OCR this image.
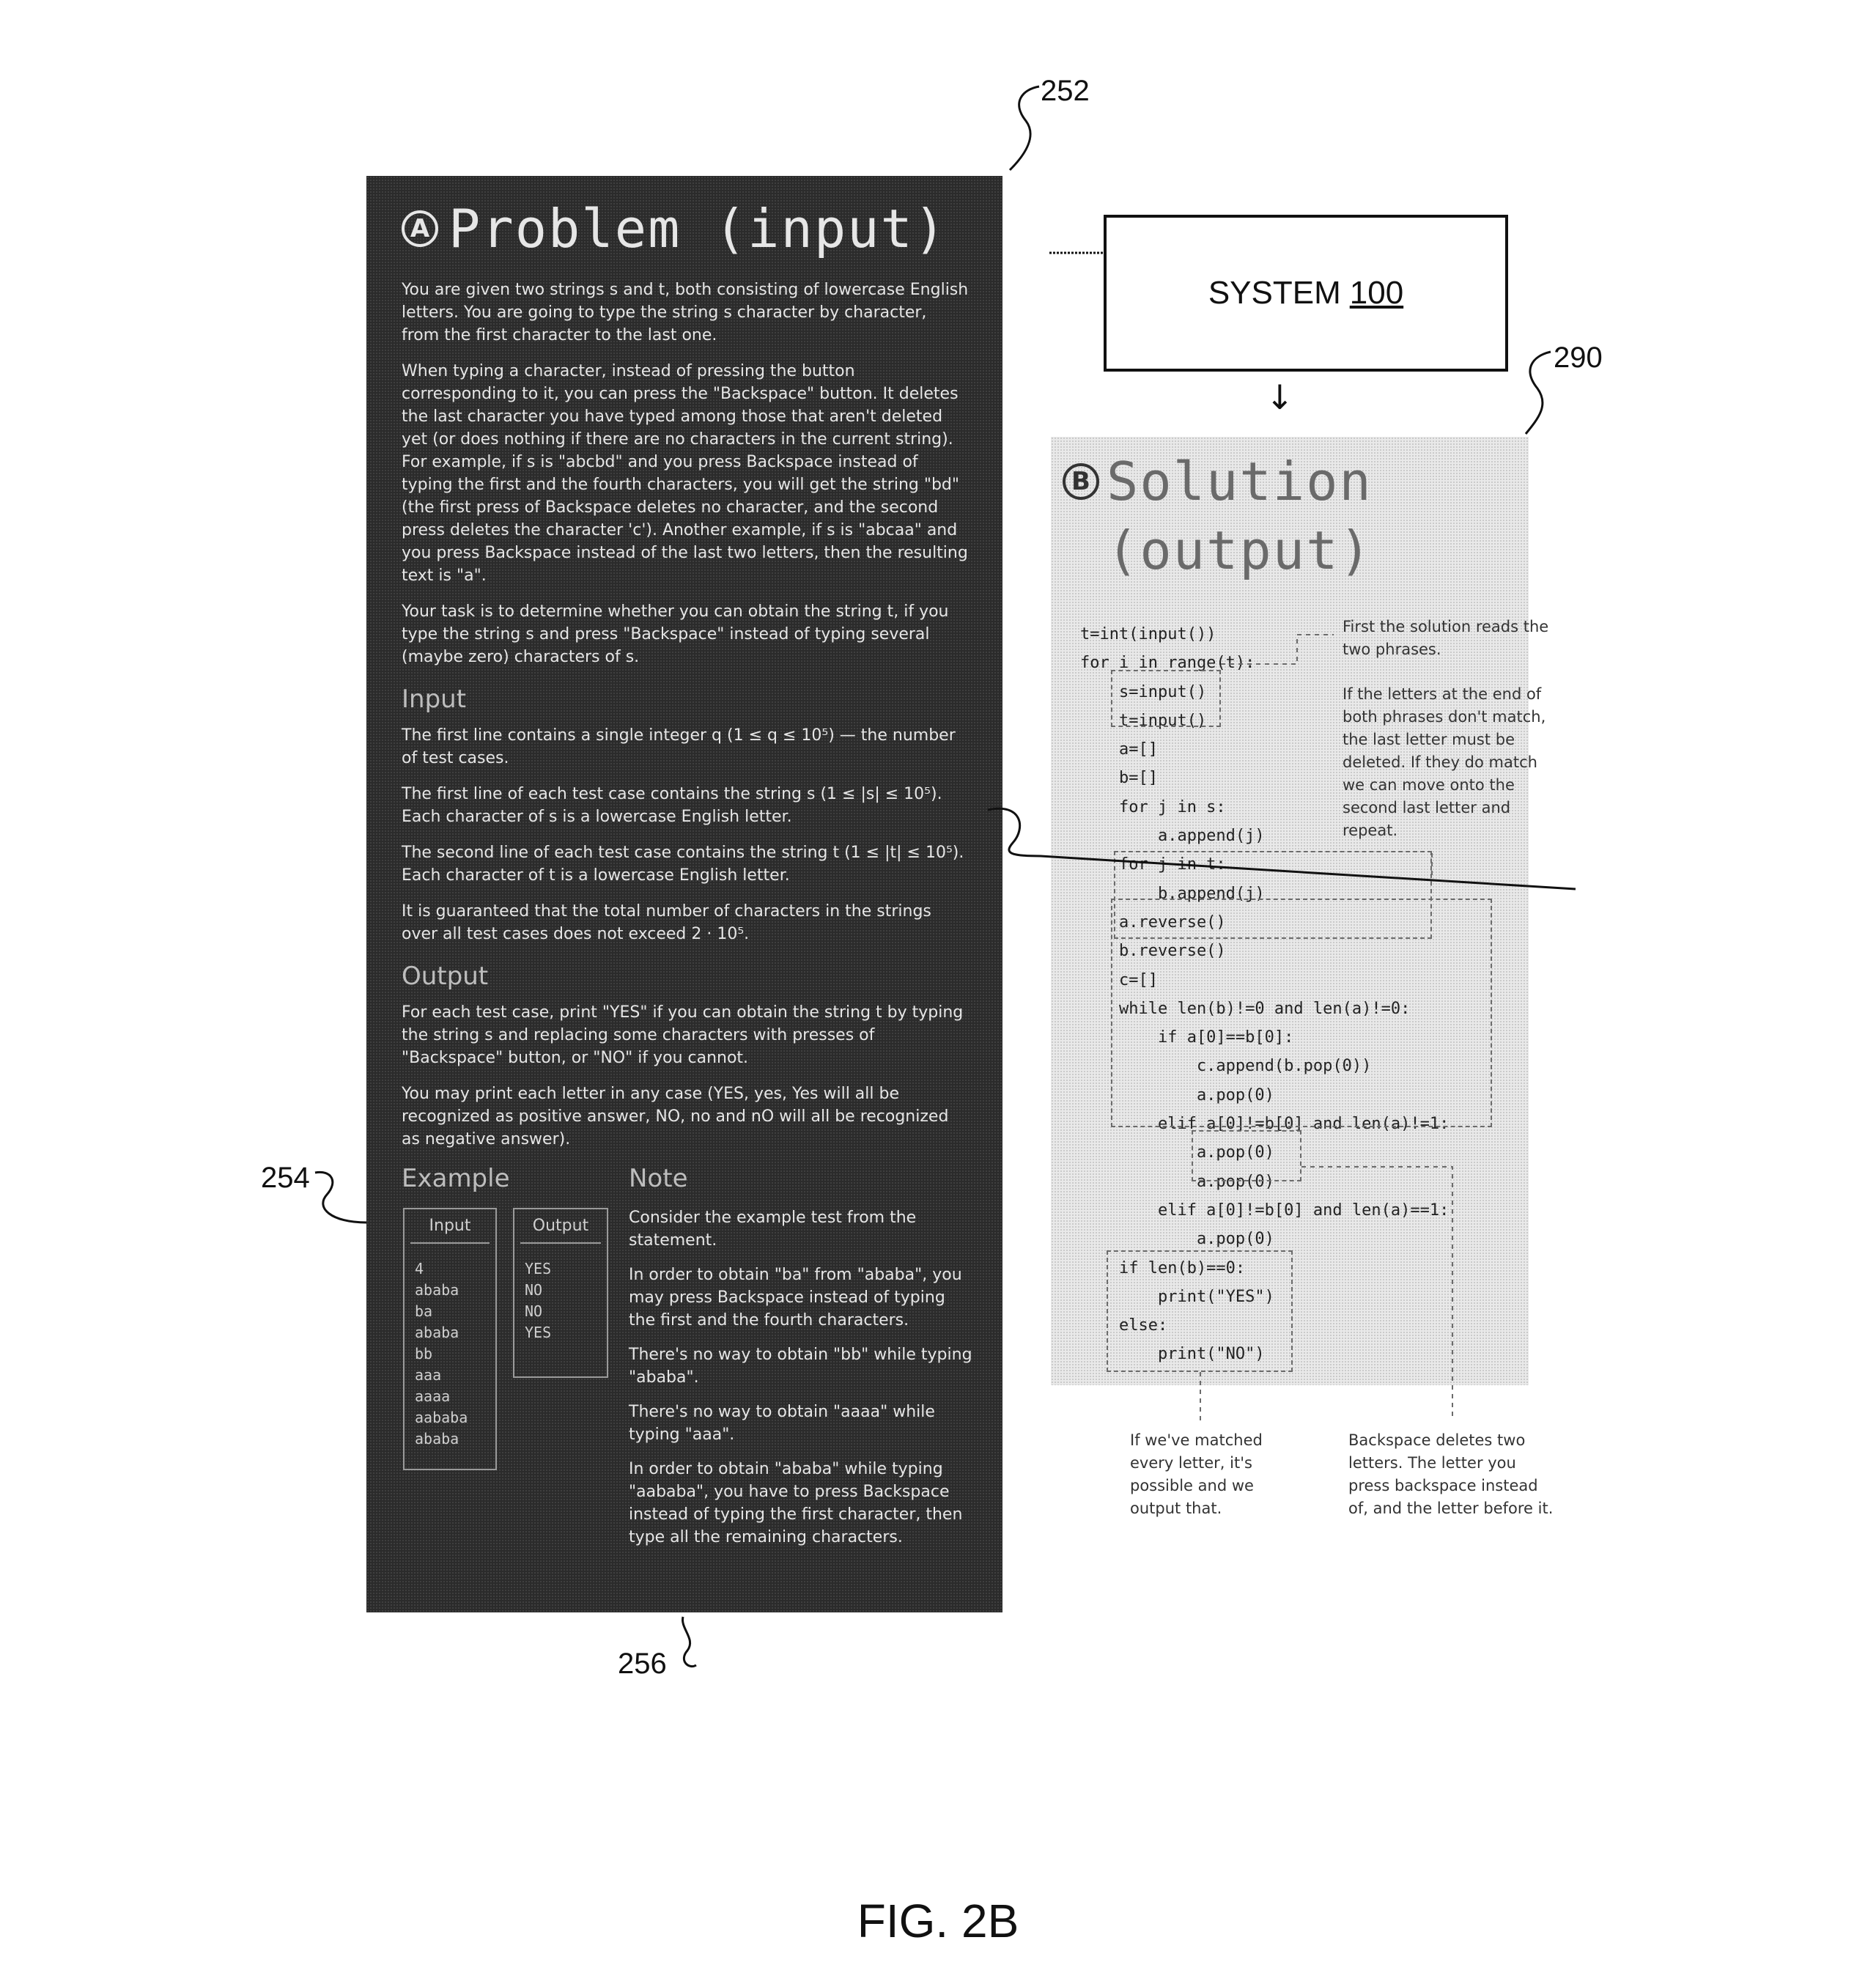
252
290
254
256
A Problem (input)

You are given two strings s and t, both consisting of lowercase English letters. You are going to type the string s character by character, from the first character to the last one.

When typing a character, instead of pressing the button corresponding to it, you can press the "Backspace" button. It deletes the last character you have typed among those that aren't deleted yet (or does nothing if there are no characters in the current string). For example, if s is "abcbd" and you press Backspace instead of typing the first and the fourth characters, you will get the string "bd" (the first press of Backspace deletes no character, and the second press deletes the character 'c'). Another example, if s is "abcaa" and you press Backspace instead of the last two letters, then the resulting text is "a".

Your task is to determine whether you can obtain the string t, if you type the string s and press "Backspace" instead of typing several (maybe zero) characters of s.

Input

The first line contains a single integer q (1 ≤ q ≤ 10⁵) — the number of test cases.

The first line of each test case contains the string s (1 ≤ |s| ≤ 10⁵). Each character of s is a lowercase English letter.

The second line of each test case contains the string t (1 ≤ |t| ≤ 10⁵). Each character of t is a lowercase English letter.

It is guaranteed that the total number of characters in the strings over all test cases does not exceed 2 · 10⁵.

Output

For each test case, print "YES" if you can obtain the string t by typing the string s and replacing some characters with presses of "Backspace" button, or "NO" if you cannot.

You may print each letter in any case (YES, yes, Yes will all be recognized as positive answer, NO, no and nO will all be recognized as negative answer).

Example	Note
Input
4
ababa
ba
ababa
bb
aaa
aaaa
aababa
ababa
Output
YES
NO
NO
YES

Consider the example test from the statement.

In order to obtain "ba" from "ababa", you may press Backspace instead of typing the first and the fourth characters.

There's no way to obtain "bb" while typing "ababa".

There's no way to obtain "aaaa" while typing "aaa".

In order to obtain "ababa" while typing "aababa", you have to press Backspace instead of typing the first character, then type all the remaining characters.

SYSTEM 100
↓
B Solution
(output)
t=int(input())
for i in range(t):
s=input()
t=input()
a=[]
b=[]
for j in s:
a.append(j)
for j in t:
b.append(j)
a.reverse()
b.reverse()
c=[]
while len(b)!=0 and len(a)!=0:
if a[0]==b[0]:
c.append(b.pop(0))
a.pop(0)
elif a[0]!=b[0] and len(a)!=1:
a.pop(0)
a.pop(0)
elif a[0]!=b[0] and len(a)==1:
a.pop(0)
if len(b)==0:
print("YES")
else:
print("NO")
First the solution reads the two phrases.
If the letters at the end of both phrases don't match, the last letter must be deleted. If they do match we can move onto the second last letter and repeat.
If we've matched every letter, it's possible and we output that.
Backspace deletes two letters. The letter you press backspace instead of, and the letter before it.
FIG. 2B
